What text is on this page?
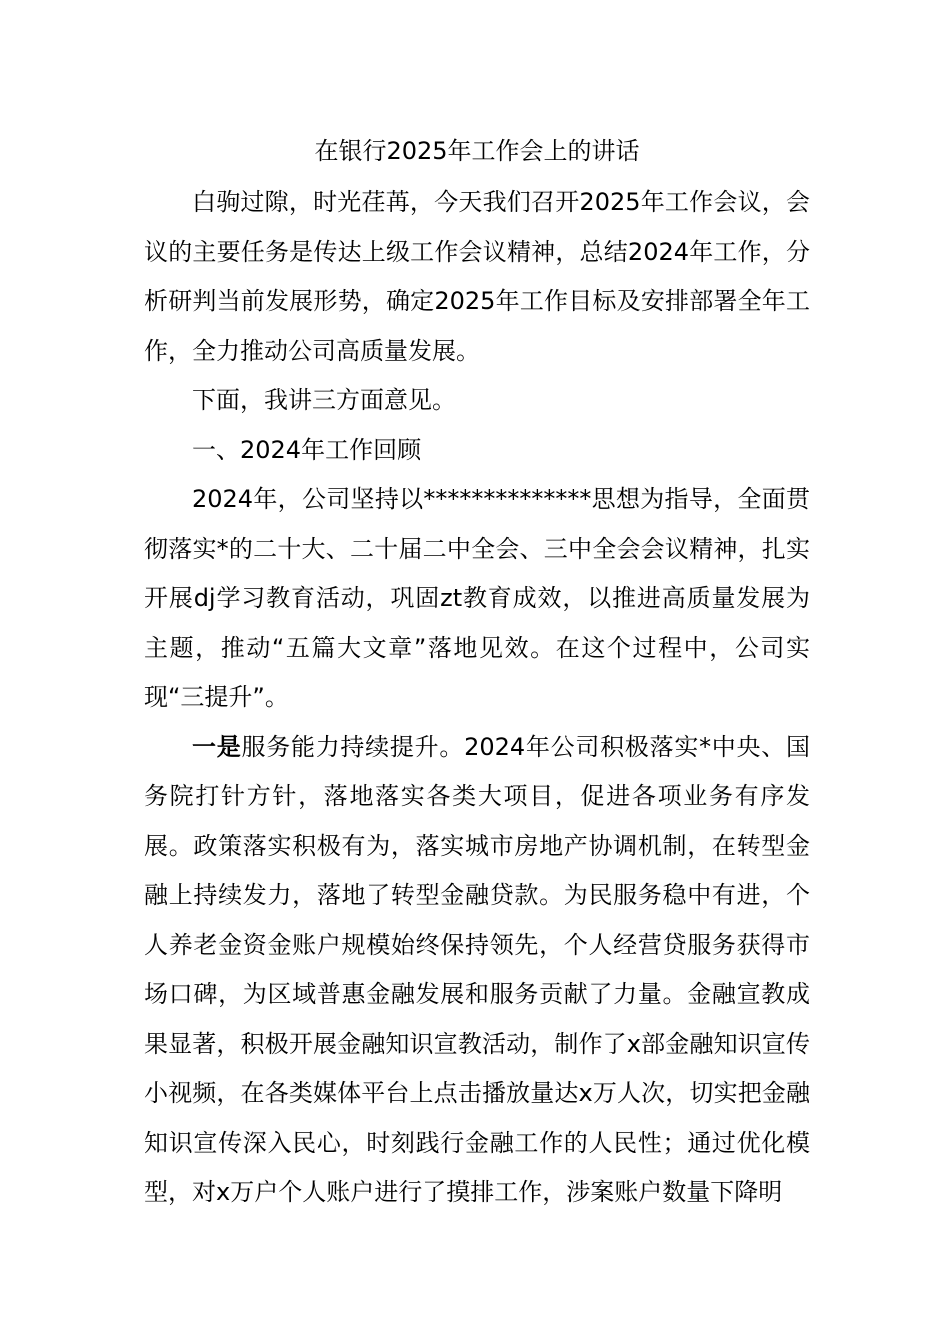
在银行2025年工作会上的讲话

白驹过隙，时光荏苒，今天我们召开2025年工作会议，会议的主要任务是传达上级工作会议精神，总结2024年工作，分析研判当前发展形势，确定2025年工作目标及安排部署全年工作，全力推动公司高质量发展。

下面，我讲三方面意见。

一、2024年工作回顾

2024年，公司坚持以**************思想为指导，全面贯彻落实*的二十大、二十届二中全会、三中全会会议精神，扎实开展dj学习教育活动，巩固zt教育成效，以推进高质量发展为主题，推动“五篇大文章”落地见效。在这个过程中，公司实现“三提升”。

一是服务能力持续提升。2024年公司积极落实*中央、国务院打针方针，落地落实各类大项目，促进各项业务有序发展。政策落实积极有为，落实城市房地产协调机制，在转型金融上持续发力，落地了转型金融贷款。为民服务稳中有进，个人养老金资金账户规模始终保持领先，个人经营贷服务获得市场口碑，为区域普惠金融发展和服务贡献了力量。金融宣教成果显著，积极开展金融知识宣教活动，制作了x部金融知识宣传小视频，在各类媒体平台上点击播放量达x万人次，切实把金融知识宣传深入民心，时刻践行金融工作的人民性；通过优化模型，对x万户个人账户进行了摸排工作，涉案账户数量下降明
